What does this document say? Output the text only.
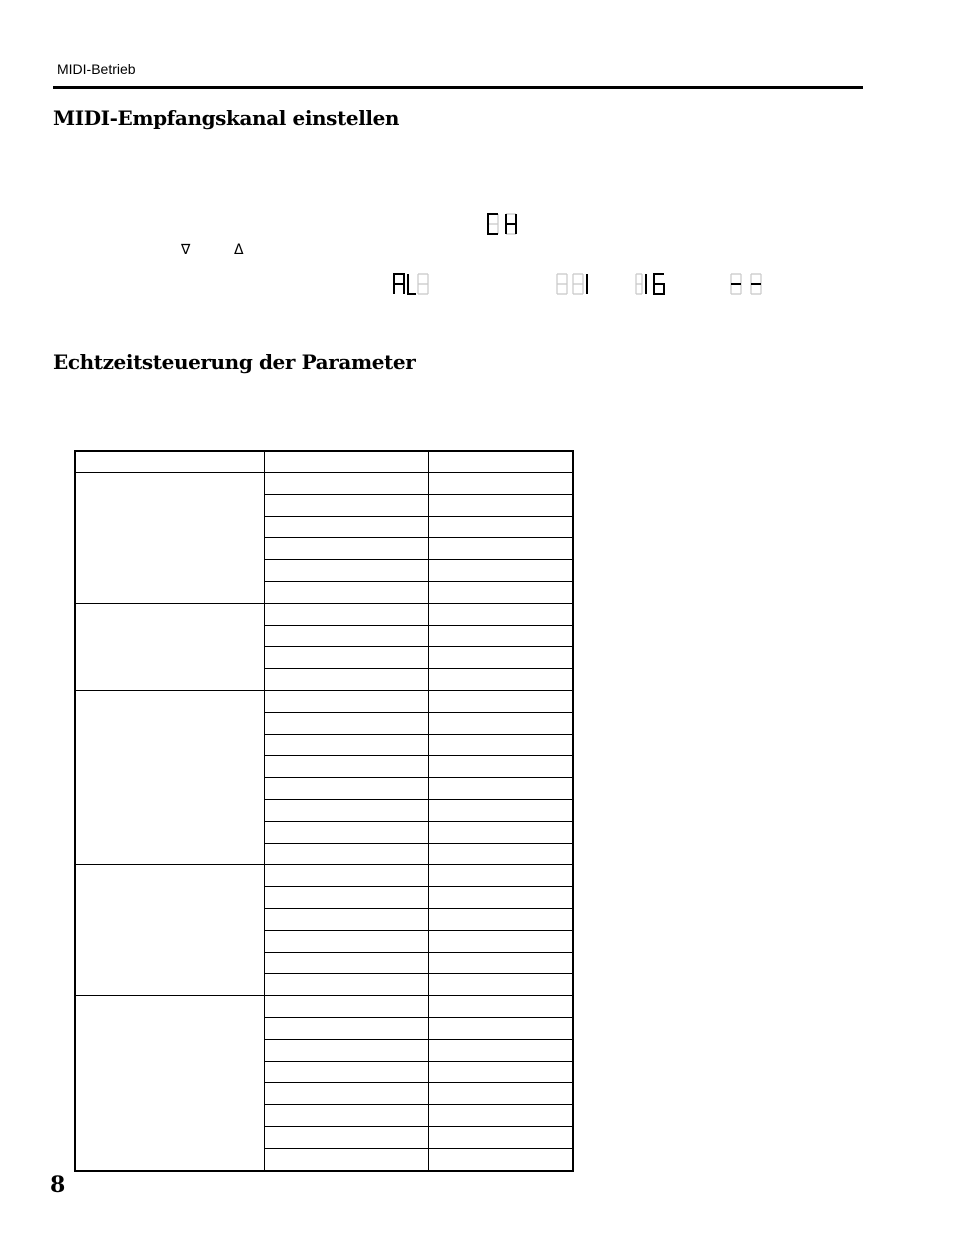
MIDI-Betrieb
MIDI-Empfangskanal einstellen
CH
∇	Δ
AL	1	16	--
Echtzeitsteuerung der Parameter

8
